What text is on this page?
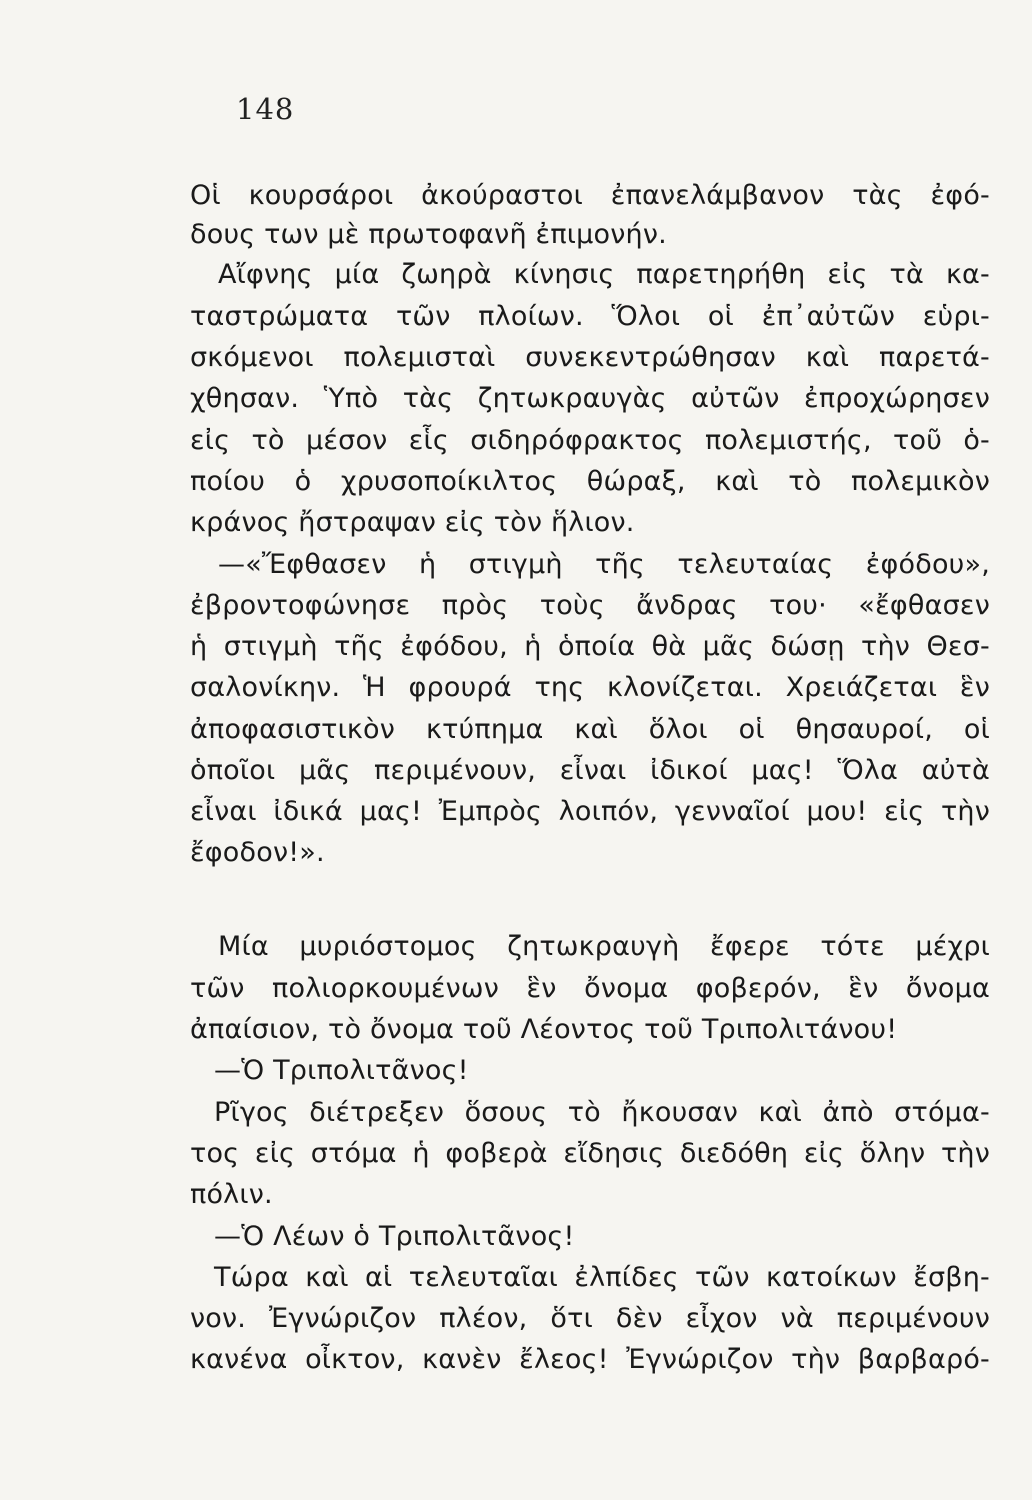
148
Οἱ κουρσάροι ἀκούραστοι ἐπανελάμβανον τὰς ἐφό-
δους των μὲ πρωτοφανῆ ἐπιμονήν.
Αἴφνης μία ζωηρὰ κίνησις παρετηρήθη εἰς τὰ κα-
ταστρώματα τῶν πλοίων. Ὅλοι οἱ ἐπ᾽αὐτῶν εὑρι-
σκόμενοι πολεμισταὶ συνεκεντρώθησαν καὶ παρετά-
χθησαν. Ὑπὸ τὰς ζητωκραυγὰς αὐτῶν ἐπροχώρησεν
εἰς τὸ μέσον εἷς σιδηρόφρακτος πολεμιστής, τοῦ ὁ-
ποίου ὁ χρυσοποίκιλτος θώραξ, καὶ τὸ πολεμικὸν
κράνος ἤστραψαν εἰς τὸν ἥλιον.
—«Ἔφθασεν ἡ στιγμὴ τῆς τελευταίας ἐφόδου»,
ἐβροντοφώνησε πρὸς τοὺς ἄνδρας του· «ἔφθασεν
ἡ στιγμὴ τῆς ἐφόδου, ἡ ὁποία θὰ μᾶς δώσῃ τὴν Θεσ-
σαλονίκην. Ἡ φρουρά της κλονίζεται. Χρειάζεται ἓν
ἀποφασιστικὸν κτύπημα καὶ ὅλοι οἱ θησαυροί, οἱ
ὁποῖοι μᾶς περιμένουν, εἶναι ἰδικοί μας! Ὅλα αὐτὰ
εἶναι ἰδικά μας! Ἐμπρὸς λοιπόν, γενναῖοί μου! εἰς τὴν
ἔφοδον!».
Μία μυριόστομος ζητωκραυγὴ ἔφερε τότε μέχρι
τῶν πολιορκουμένων ἓν ὄνομα φοβερόν, ἓν ὄνομα
ἀπαίσιον, τὸ ὄνομα τοῦ Λέοντος τοῦ Τριπολιτάνου!
—Ὁ Τριπολιτᾶνος!
Ρῖγος διέτρεξεν ὅσους τὸ ἤκουσαν καὶ ἀπὸ στόμα-
τος εἰς στόμα ἡ φοβερὰ εἴδησις διεδόθη εἰς ὅλην τὴν
πόλιν.
—Ὁ Λέων ὁ Τριπολιτᾶνος!
Τώρα καὶ αἱ τελευταῖαι ἐλπίδες τῶν κατοίκων ἔσβη-
νον. Ἐγνώριζον πλέον, ὅτι δὲν εἶχον νὰ περιμένουν
κανένα οἶκτον, κανὲν ἔλεος! Ἐγνώριζον τὴν βαρβαρό-
